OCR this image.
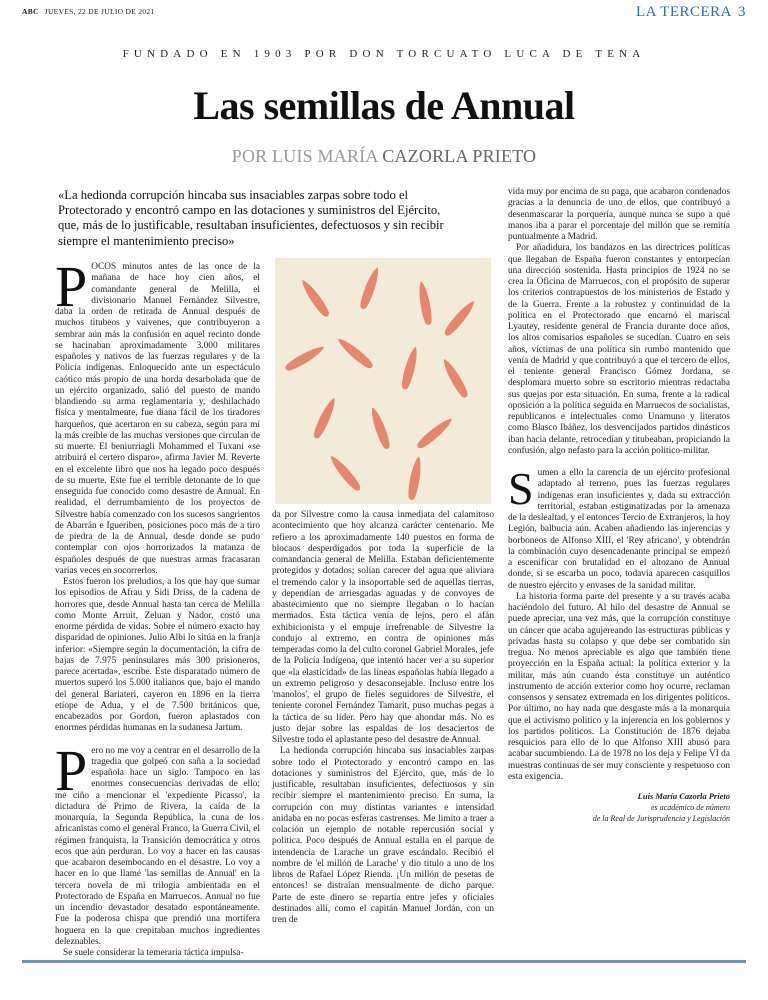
ABC JUEVES, 22 DE JULIO DE 2021	LA TERCERA 3
FUNDADO EN 1903 POR DON TORCUATO LUCA DE TENA
Las semillas de Annual
POR LUIS MARÍA CAZORLA PRIETO
«La hedionda corrupción hincaba sus insaciables zarpas sobre todo el Protectorado y encontró campo en las dotaciones y suministros del Ejército, que, más de lo justificable, resultaban insuficientes, defectuosos y sin recibir siempre el mantenimiento preciso»

POCOS minutos antes de las once de la mañana de hace hoy cien años, el comandante general de Melilla, el divisionario Manuel Fernández Silvestre, daba la orden de retirada de Annual después de muchos titubeos y vaivenes, que contribuyeron a sembrar aún más la confusión en aquel recinto donde se hacinaban aproximadamente 3.000 militares españoles y nativos de las fuerzas regulares y de la Policía indígenas. Enloquecido ante un espectáculo caótico más propio de una horda desarbolada que de un ejército organizado, salió del puesto de mando blandiendo su arma reglamentaria y, deshilachado física y mentalmente, fue diana fácil de los tiradores harqueños, que acertaron en su cabeza, según para mí la más creíble de las muchas versiones que circulan de su muerte. El beniurriagli Mohammed el Tuxani «se atribuirá el certero disparo», afirma Javier M. Reverte en el excelente libro que nos ha legado poco después de su muerte. Este fue el terrible detonante de lo que enseguida fue conocido como desastre de Annual. En realidad, el derrumbamiento de los proyectos de Silvestre había comenzado con los sucesos sangrientos de Abarrán e Igueriben, posiciones poco más de a tiro de piedra de la de Annual, desde donde se pudo contemplar con ojos horrorizados la matanza de españoles después de que nuestras armas fracasaran varias veces en socorrerlos.

Estos fueron los preludios, a los que hay que sumar los episodios de Afrau y Sidi Driss, de la cadena de horrores que, desde Annual hasta tan cerca de Melilla como Monte Arruit, Zeluan y Nador, costó una enorme pérdida de vidas. Sobre el número exacto hay disparidad de opiniones. Julio Albi lo sitúa en la franja inferior: «Siempre según la documentación, la cifra de bajas de 7.975 peninsulares más 300 prisioneros, parece acertada», escribe. Este disparatado número de muertos superó los 5.000 italianos que, bajo el mando del general Bariateri, cayeron en 1896 en la tierra etíope de Adua, y el de 7.500 británicos que, encabezados por Gordon, fueron aplastados con enormes pérdidas humanas en la sudanesa Jartum.

Pero no me voy a centrar en el desarrollo de la tragedia que golpeó con saña a la sociedad española hace un siglo. Tampoco en las enormes consecuencias derivadas de ello; me ciño a mencionar el 'expediente Picasso', la dictadura de Primo de Rivera, la caída de la monarquía, la Segunda República, la cuna de los africanistas como el general Franco, la Guerra Civil, el régimen franquista, la Transición democrática y otros ecos que aún perduran. Lo voy a hacer en las causas que acabaron desembocando en el desastre. Lo voy a hacer en lo que llamé 'las semillas de Annual' en la tercera novela de mi trilogía ambientada en el Protectorado de España en Marruecos. Annual no fue un incendio devastador desatado espontáneamente. Fue la poderosa chispa que prendió una mortífera hoguera en la que crepitaban muchos ingredientes deleznables.

Se suele considerar la temeraria táctica impulsa-

da por Silvestre como la causa inmediata del calamitoso acontecimiento que hoy alcanza carácter centenario. Me refiero a los aproximadamente 140 puestos en forma de blocaos desperdigados por toda la superficie de la comandancia general de Melilla. Estaban deficientemente protegidos y dotados; solían carecer del agua que aliviara el tremendo calor y la insoportable sed de aquellas tierras, y dependían de arriesgadas aguadas y de convoyes de abastecimiento que no siempre llegaban o lo hacían mermados. Esta táctica venía de lejos, pero el afán exhibicionista y el empuje irrefrenable de Silvestre la condujo al extremo, en contra de opiniones más temperadas como la del culto coronel Gabriel Morales, jefe de la Policía Indígena, que intentó hacer ver a su superior que «la elasticidad» de las líneas españolas había llegado a un extremo peligroso y desaconsejable. Incluso entre los 'manolos', el grupo de fieles seguidores de Silvestre, el teniente coronel Fernández Tamarit, puso muchas pegas a la táctica de su líder. Pero hay que ahondar más. No es justo dejar sobre las espaldas de los desaciertos de Silvestre todo el aplastante peso del desastre de Annual.

La hedionda corrupción hincaba sus insaciables zarpas sobre todo el Protectorado y encontró campo en las dotaciones y suministros del Ejército, que, más de lo justificable, resultaban insuficientes, defectuosos y sin recibir siempre el mantenimiento preciso. En suma, la corrupción con muy distintas variantes e intensidad anidaba en no pocas esferas castrenses. Me limito a traer a colación un ejemplo de notable repercusión social y política. Poco después de Annual estalla en el parque de intendencia de Larache un grave escándalo. Recibió el nombre de 'el millón de Larache' y dio título a uno de los libros de Rafael López Rienda. ¡Un millón de pesetas de entonces! se distraían mensualmente de dicho parque. Parte de este dinero se repartía entre jefes y oficiales destinados allí, como el capitán Manuel Jordán, con un tren de

vida muy por encima de su paga, que acabaron condenados gracias a la denuncia de uno de ellos, que contribuyó a desenmascarar la porquería, aunque nunca se supo a qué manos iba a parar el porcentaje del millón que se remitía puntualmente a Madrid.

Por añadidura, los bandazos en las directrices políticas que llegaban de España fueron constantes y entorpecían una dirección sostenida. Hasta principios de 1924 no se crea la Oficina de Marruecos, con el propósito de superar los criterios contrapuestos de los ministerios de Estado y de la Guerra. Frente a la robustez y continuidad de la política en el Protectorado que encarnó el mariscal Lyautey, residente general de Francia durante doce años, los altos comisarios españoles se sucedían. Cuatro en seis años, víctimas de una política sin rumbo mantenido que venía de Madrid y que contribuyó a que el tercero de ellos, el teniente general Francisco Gómez Jordana, se desplomara muerto sobre su escritorio mientras redactaba sus quejas por esta situación. En suma, frente a la radical oposición a la política seguida en Marruecos de socialistas, republicanos e intelectuales como Unamuno y literatos como Blasco Ibáñez, los desvencijados partidos dinásticos iban hacia delante, retrocedían y titubeaban, propiciando la confusión, algo nefasto para la acción político-militar.

Sumen a ello la carencia de un ejército profesional adaptado al terreno, pues las fuerzas regulares indígenas eran insuficientes y, dada su extracción territorial, estaban estigmatizadas por la amenaza de la deslealtad, y el entonces Tercio de Extranjeros, la hoy Legión, balbucía aún. Acaben añadiendo las injerencias y borboneos de Alfonso XIII, el 'Rey africano', y obtendrán la combinación cuyo desencadenante principal se empezó a escenificar con brutalidad en el altozano de Annual donde, si se escarba un poco, todavía aparecen casquillos de nuestro ejército y envases de la sanidad militar.

La historia forma parte del presente y a su través acaba haciéndolo del futuro. Al hilo del desastre de Annual se puede apreciar, una vez más, que la corrupción constituye un cáncer que acaba agujereando las estructuras públicas y privadas hasta su colapso y que debe ser combatido sin tregua. No menos apreciable es algo que también tiene proyección en la España actual: la política exterior y la militar, más aún cuando ésta constituye un auténtico instrumento de acción exterior como hoy ocurre, reclaman consensos y sensatez extremada en los dirigentes políticos. Por último, no hay nada que desgaste más a la monarquía que el activismo político y la injerencia en los gobiernos y los partidos políticos. La Constitución de 1876 dejaba resquicios para ello de lo que Alfonso XIII abusó para acabar sucumbiendo. La de 1978 no los deja y Felipe VI da muestras continuas de ser muy consciente y respetuoso con esta exigencia.

Luis María Cazorla Prieto
es académico de número
de la Real de Jurisprudencia y Legislación
